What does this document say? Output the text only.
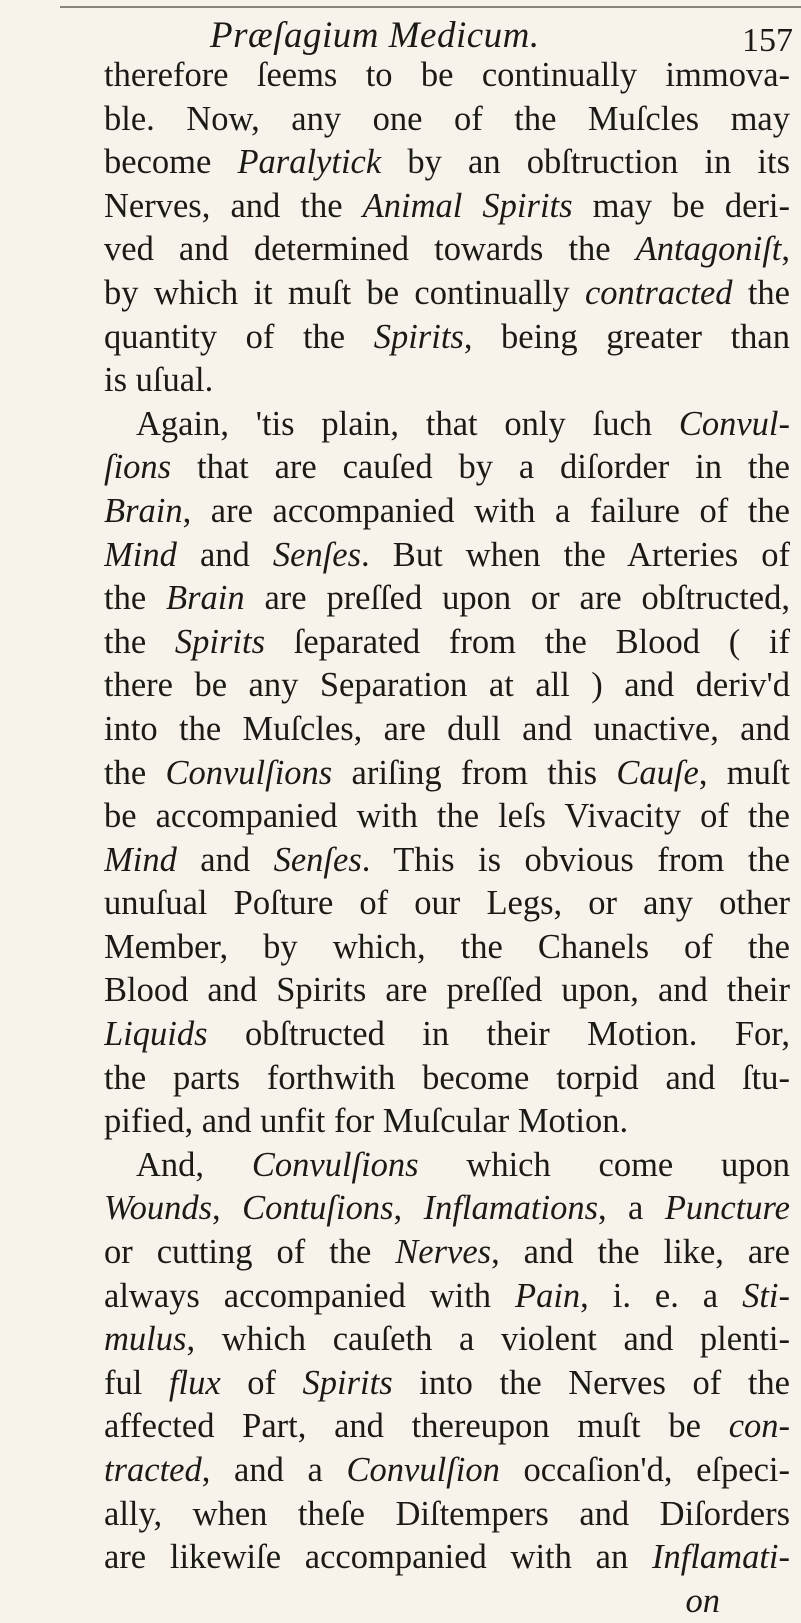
Præſagium Medicum.	157
therefore ſeems to be continually immova-
ble. Now, any one of the Muſcles may
become Paralytick by an obſtruction in its
Nerves, and the Animal Spirits may be deri-
ved and determined towards the Antagoniſt,
by which it muſt be continually contracted the
quantity of the Spirits, being greater than
is uſual.
Again, 'tis plain, that only ſuch Convul-
ſions that are cauſed by a diſorder in the
Brain, are accompanied with a failure of the
Mind and Senſes. But when the Arteries of
the Brain are preſſed upon or are obſtructed,
the Spirits ſeparated from the Blood ( if
there be any Separation at all ) and deriv'd
into the Muſcles, are dull and unactive, and
the Convulſions ariſing from this Cauſe, muſt
be accompanied with the leſs Vivacity of the
Mind and Senſes. This is obvious from the
unuſual Poſture of our Legs, or any other
Member, by which, the Chanels of the
Blood and Spirits are preſſed upon, and their
Liquids obſtructed in their Motion. For,
the parts forthwith become torpid and ſtu-
pified, and unfit for Muſcular Motion.
And, Convulſions which come upon
Wounds, Contuſions, Inflamations, a Puncture
or cutting of the Nerves, and the like, are
always accompanied with Pain, i. e. a Sti-
mulus, which cauſeth a violent and plenti-
ful flux of Spirits into the Nerves of the
affected Part, and thereupon muſt be con-
tracted, and a Convulſion occaſion'd, eſpeci-
ally, when theſe Diſtempers and Diſorders
are likewiſe accompanied with an Inflamati-
on
